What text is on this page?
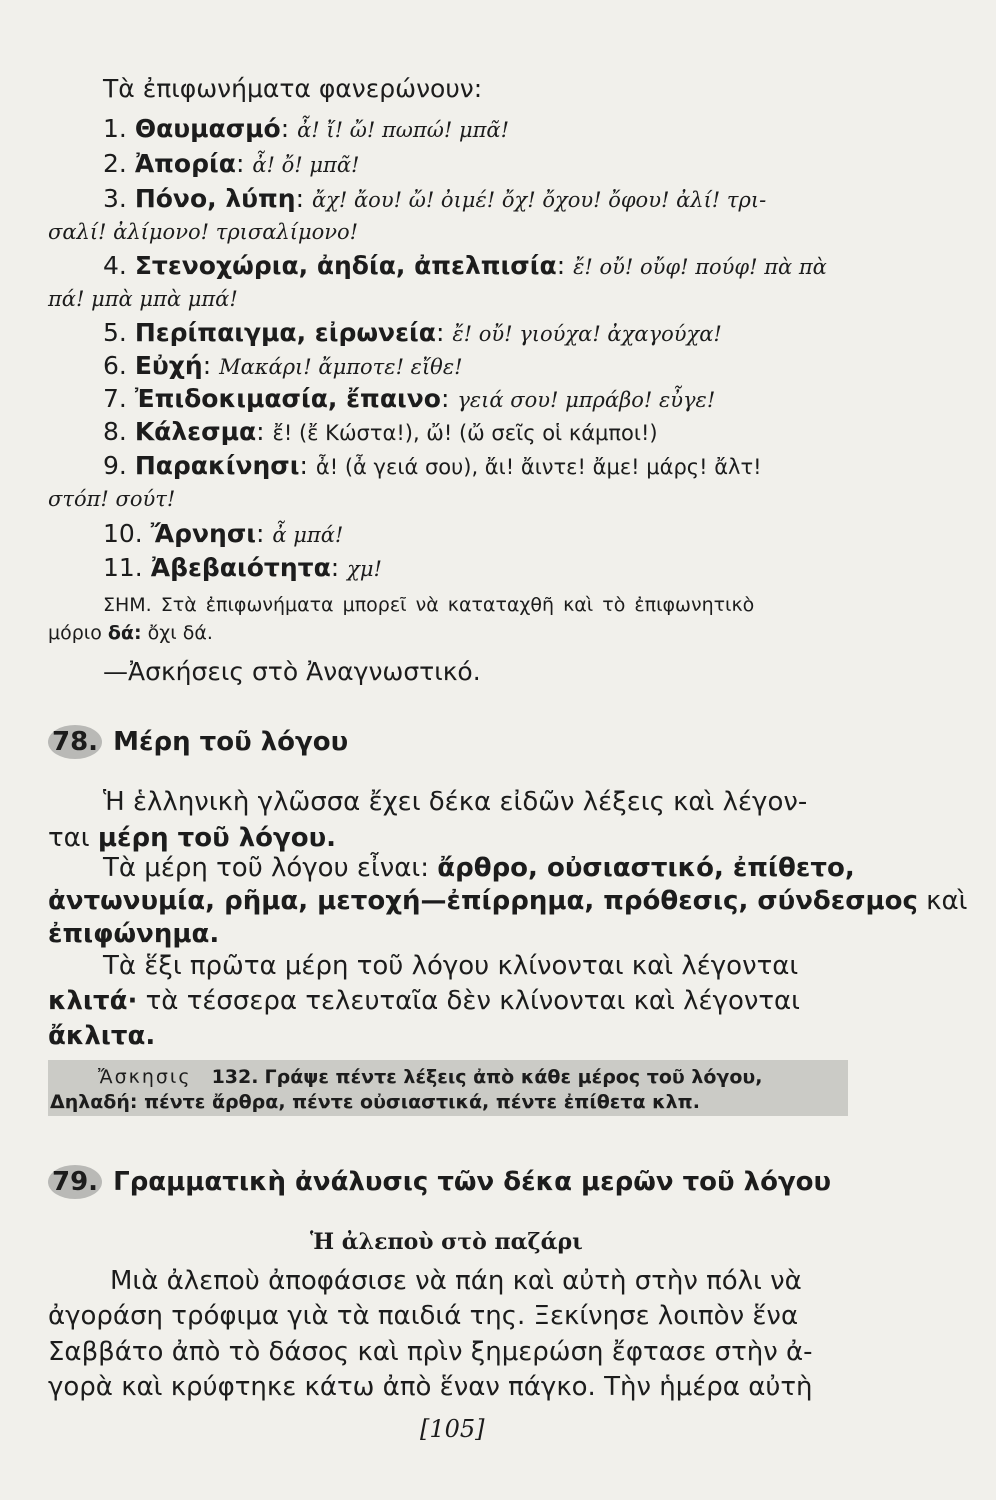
Τὰ ἐπιφωνήματα φανερώνουν:
1. Θαυμασμό: ἆ! ἴ! ὤ! πωπώ! μπᾶ!
2. Ἀπορία: ἆ! ὄ! μπᾶ!
3. Πόνο, λύπη: ἄχ! ἄου! ὤ! ὀιμέ! ὄχ! ὄχου! ὄφου! ἀλί! τρι-
σαλί! ἀλίμονο! τρισαλίμονο!
4. Στενοχώρια, ἀηδία, ἀπελπισία: ἔ! οὔ! οὔφ! πούφ! πὰ πὰ
πά! μπὰ μπὰ μπά!
5. Περίπαιγμα, εἰρωνεία: ἔ! οὔ! γιούχα! ἀχαγούχα!
6. Εὐχή: Μακάρι! ἄμποτε! εἴθε!
7. Ἐπιδοκιμασία, ἔπαινο: γειά σου! μπράβο! εὖγε!
8. Κάλεσμα: ἔ! (ἔ Κώστα!), ὤ! (ὤ σεῖς οἱ κάμποι!)
9. Παρακίνησι: ἆ! (ἆ γειά σου), ἄι! ἄιντε! ἄμε! μάρς! ἄλτ!
στόπ! σούτ!
10. Ἄρνησι: ἆ μπά!
11. Ἀβεβαιότητα: χμ!
ΣΗΜ. Στὰ ἐπιφωνήματα μπορεῖ νὰ καταταχθῆ καὶ τὸ ἐπιφωνητικὸ
μόριο δά: ὄχι δά.
—Ἀσκήσεις στὸ Ἀναγνωστικό.
78. Μέρη τοῦ λόγου
Ἡ ἑλληνικὴ γλῶσσα ἔχει δέκα εἰδῶν λέξεις καὶ λέγον-
ται μέρη τοῦ λόγου.
Τὰ μέρη τοῦ λόγου εἶναι: ἄρθρο, οὐσιαστικό, ἐπίθετο,
ἀντωνυμία, ρῆμα, μετοχή—ἐπίρρημα, πρόθεσις, σύνδεσμος καὶ
ἐπιφώνημα.
Τὰ ἕξι πρῶτα μέρη τοῦ λόγου κλίνονται καὶ λέγονται
κλιτά· τὰ τέσσερα τελευταῖα δὲν κλίνονται καὶ λέγονται
ἄκλιτα.
Ἄσκησις 132. Γράψε πέντε λέξεις ἀπὸ κάθε μέρος τοῦ λόγου,
Δηλαδή: πέντε ἄρθρα, πέντε οὐσιαστικά, πέντε ἐπίθετα κλπ.
79. Γραμματικὴ ἀνάλυσις τῶν δέκα μερῶν τοῦ λόγου
Ἡ ἀλεποὺ στὸ παζάρι
Μιὰ ἀλεποὺ ἀποφάσισε νὰ πάη καὶ αὐτὴ στὴν πόλι νὰ
ἀγοράση τρόφιμα γιὰ τὰ παιδιά της. Ξεκίνησε λοιπὸν ἕνα
Σαββάτο ἀπὸ τὸ δάσος καὶ πρὶν ξημερώση ἔφτασε στὴν ἀ-
γορὰ καὶ κρύφτηκε κάτω ἀπὸ ἕναν πάγκο. Τὴν ἡμέρα αὐτὴ
[105]
